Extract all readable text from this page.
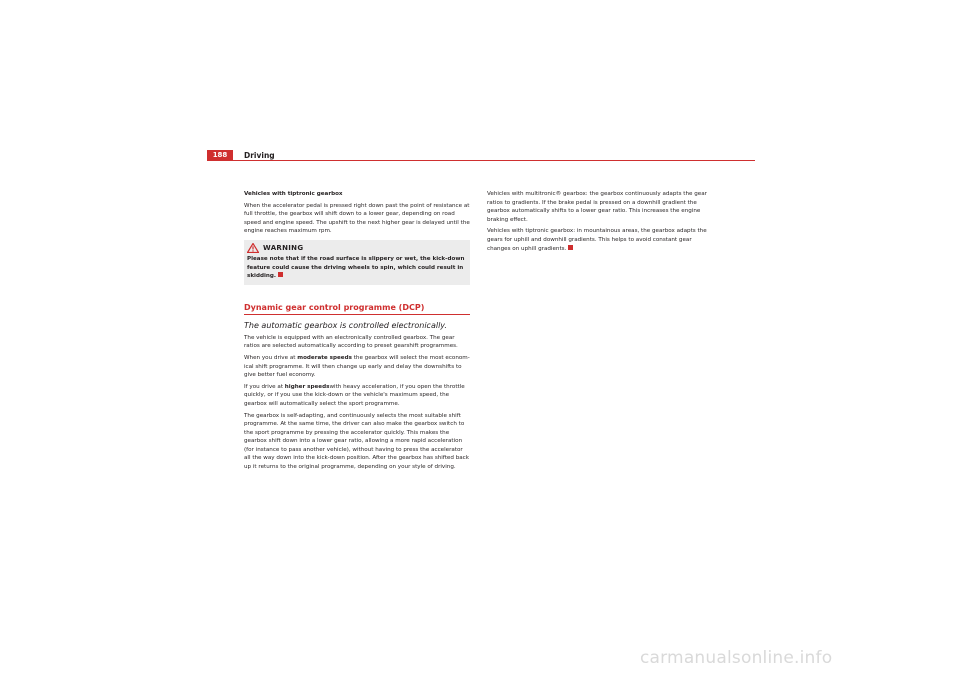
188	Driving

Vehicles with tiptronic gearbox

When the accelerator pedal is pressed right down past the point of resistance at full throttle, the gearbox will shift down to a lower gear, depending on road speed and engine speed. The upshift to the next higher gear is delayed until the engine reaches maximum rpm.

WARNING

Please note that if the road surface is slippery or wet, the kick-down feature could cause the driving wheels to spin, which could result in skidding.

Dynamic gear control programme (DCP)
The automatic gearbox is controlled electronically.

The vehicle is equipped with an electronically controlled gearbox. The gear ratios are selected automatically according to preset gearshift programmes.

When you drive at moderate speeds the gearbox will select the most econom-ical shift programme. It will then change up early and delay the downshifts to give better fuel economy.

If you drive at higher speedswith heavy acceleration, if you open the throttle quickly, or if you use the kick-down or the vehicle's maximum speed, the gearbox will automatically select the sport programme.

The gearbox is self-adapting, and continuously selects the most suitable shift programme. At the same time, the driver can also make the gearbox switch to the sport programme by pressing the accelerator quickly. This makes the gearbox shift down into a lower gear ratio, allowing a more rapid acceleration (for instance to pass another vehicle), without having to press the accelerator all the way down into the kick-down position. After the gearbox has shifted back up it returns to the original programme, depending on your style of driving.

Vehicles with multitronic® gearbox: the gearbox continuously adapts the gear ratios to gradients. If the brake pedal is pressed on a downhill gradient the gearbox automatically shifts to a lower gear ratio. This increases the engine braking effect.

Vehicles with tiptronic gearbox: in mountainous areas, the gearbox adapts the gears for uphill and downhill gradients. This helps to avoid constant gear changes on uphill gradients.

carmanualsonline.info
